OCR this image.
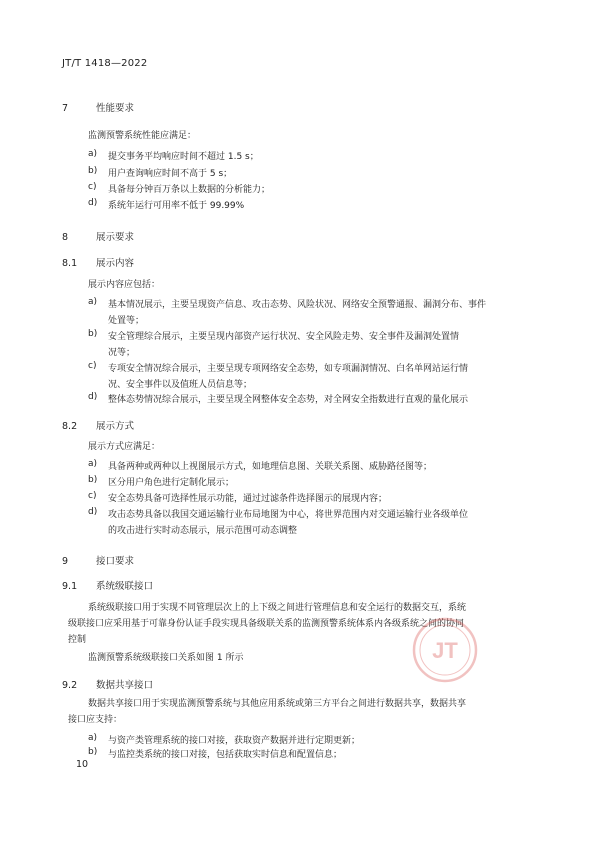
JT/T 1418—2022
7	性能要求
监测预警系统性能应满足：
a) 提交事务平均响应时间不超过 1.5 s；
b) 用户查询响应时间不高于 5 s；
c) 具备每分钟百万条以上数据的分析能力；
d) 系统年运行可用率不低于 99.99%
8	展示要求
8.1 展示内容
展示内容应包括：
a) 基本情况展示，主要呈现资产信息、攻击态势、风险状况、网络安全预警通报、漏洞分布、事件
处置等；
b) 安全管理综合展示，主要呈现内部资产运行状况、安全风险走势、安全事件及漏洞处置情
况等；
c) 专项安全情况综合展示，主要呈现专项网络安全态势，如专项漏洞情况、白名单网站运行情
况、安全事件以及值班人员信息等；
d) 整体态势情况综合展示，主要呈现全网整体安全态势，对全网安全指数进行直观的量化展示
8.2 展示方式
展示方式应满足：
a) 具备两种或两种以上视图展示方式，如地理信息图、关联关系图、威胁路径图等；
b) 区分用户角色进行定制化展示；
c) 安全态势具备可选择性展示功能，通过过滤条件选择图示的展现内容；
d) 攻击态势具备以我国交通运输行业布局地图为中心，将世界范围内对交通运输行业各级单位
的攻击进行实时动态展示，展示范围可动态调整
9	接口要求
9.1 系统级联接口
系统级联接口用于实现不同管理层次上的上下级之间进行管理信息和安全运行的数据交互，系统
级联接口应采用基于可靠身份认证手段实现具备级联关系的监测预警系统体系内各级系统之间的协同
控制
监测预警系统级联接口关系如图 1 所示
9.2 数据共享接口
数据共享接口用于实现监测预警系统与其他应用系统或第三方平台之间进行数据共享，数据共享
接口应支持：
a) 与资产类管理系统的接口对接，获取资产数据并进行定期更新；
b) 与监控类系统的接口对接，包括获取实时信息和配置信息；
JT
10
